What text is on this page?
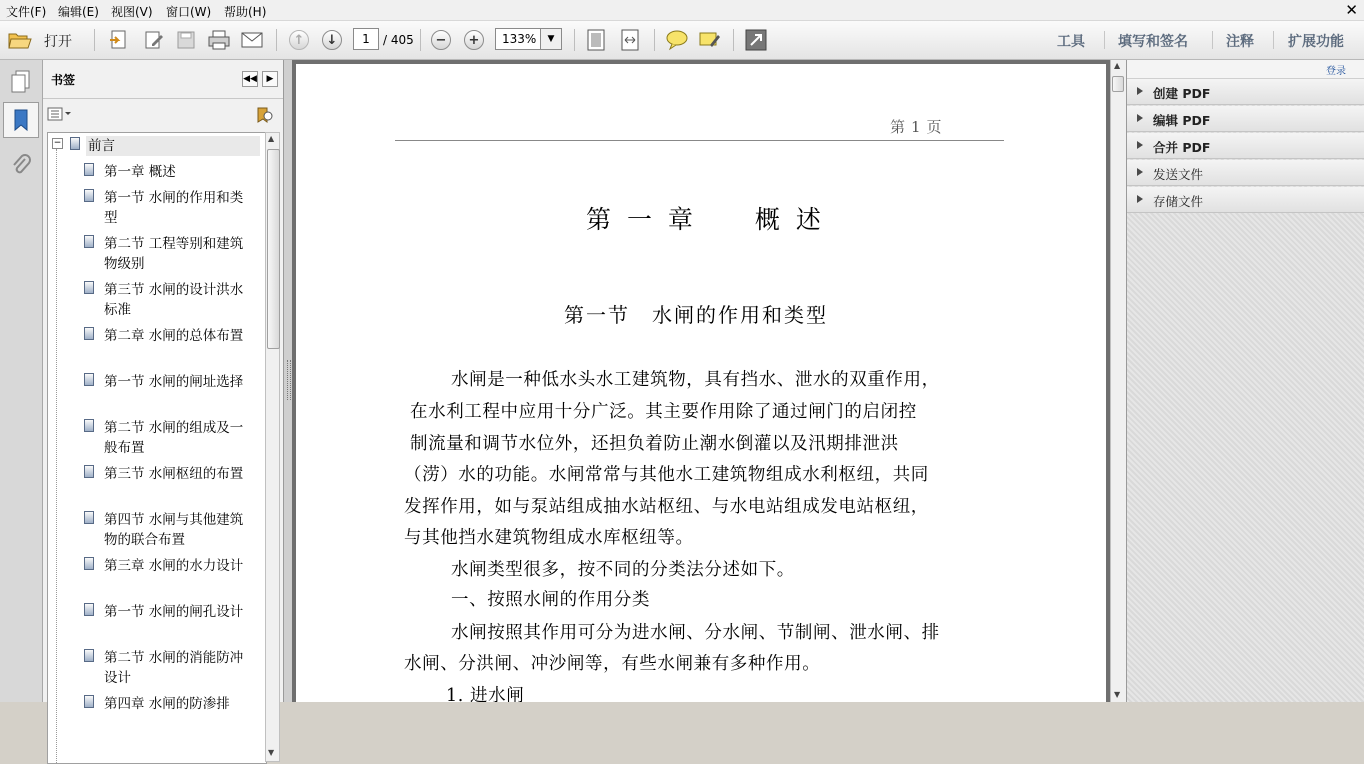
文件(F) 编辑(E) 视图(V) 窗口(W) 帮助(H)	✕
打开	↑	↓	1	/ 405	−	+	133%	▼	工具 填写和签名	注释 扩展功能
书签	◀◀	▶
− 前言
第一章 概述
第一节 水闸的作用和类型
第二节 工程等别和建筑物级别
第三节 水闸的设计洪水标准
第二章 水闸的总体布置
第一节 水闸的闸址选择
第二节 水闸的组成及一般布置
第三节 水闸枢纽的布置
第四节 水闸与其他建筑物的联合布置
第三章 水闸的水力设计
第一节 水闸的闸孔设计
第二节 水闸的消能防冲设计
第四章 水闸的防渗排
▲
▼
第 1 页
第 一 章　　概 述
第一节　水闸的作用和类型
水闸是一种低水头水工建筑物，具有挡水、泄水的双重作用，
在水利工程中应用十分广泛。其主要作用除了通过闸门的启闭控
制流量和调节水位外，还担负着防止潮水倒灌以及汛期排泄洪
（涝）水的功能。水闸常常与其他水工建筑物组成水利枢纽，共同
发挥作用，如与泵站组成抽水站枢纽、与水电站组成发电站枢纽，
与其他挡水建筑物组成水库枢纽等。
水闸类型很多，按不同的分类法分述如下。
一、按照水闸的作用分类
水闸按照其作用可分为进水闸、分水闸、节制闸、泄水闸、排
水闸、分洪闸、冲沙闸等，有些水闸兼有多种作用。
1. 进水闸
▲
▼
登录
创建 PDF
编辑 PDF
合并 PDF
发送文件
存储文件
